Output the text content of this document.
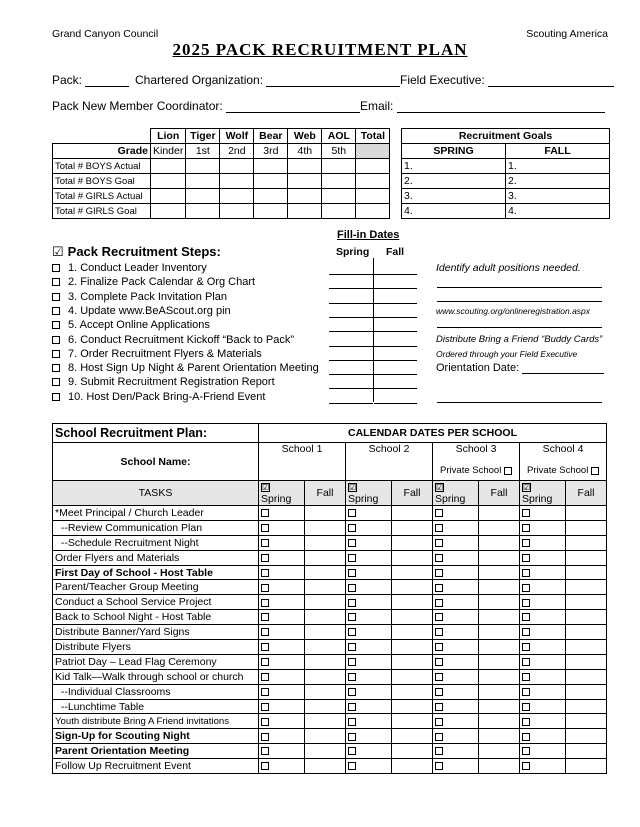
Grand Canyon Council	Scouting America
2025 PACK RECRUITMENT PLAN
Pack:	Chartered Organization:	Field Executive:
Pack New Member Coordinator:	Email:
	Lion	Tiger	Wolf	Bear	Web	AOL	Total
Grade	Kinder	1st	2nd	3rd	4th	5th	
Total # BOYS Actual							
Total # BOYS Goal							
Total # GIRLS Actual							
Total # GIRLS Goal							
Recruitment Goals	
SPRING	FALL
1.	1.
2.	2.
3.	3.
4.	4.
☑ Pack Recruitment Steps:
Fill-in Dates
Spring Fall
1. Conduct Leader Inventory
2. Finalize Pack Calendar & Org Chart
3. Complete Pack Invitation Plan
4. Update www.BeAScout.org pin
5. Accept Online Applications
6. Conduct Recruitment Kickoff “Back to Pack”
7. Order Recruitment Flyers & Materials
8. Host Sign Up Night & Parent Orientation Meeting
9. Submit Recruitment Registration Report
10. Host Den/Pack Bring-A-Friend Event
Identify adult positions needed.
www.scouting.org/onlineregistration.aspx
Distribute Bring a Friend “Buddy Cards”
Ordered through your Field Executive
Orientation Date:
School Recruitment Plan:	CALENDAR DATES PER SCHOOL							
School Name:	School 1		School 2		School 3		School 4	
					Private School		Private School	
TASKS	☑Spring	Fall	☑Spring	Fall	☑Spring	Fall	☑Spring	Fall
*Meet Principal / Church Leader								
--Review Communication Plan								
--Schedule Recruitment Night								
Order Flyers and Materials								
First Day of School - Host Table								
Parent/Teacher Group Meeting								
Conduct a School Service Project								
Back to School Night - Host Table								
Distribute Banner/Yard Signs								
Distribute Flyers								
Patriot Day – Lead Flag Ceremony								
Kid Talk—Walk through school or church								
--Individual Classrooms								
--Lunchtime Table								
Youth distribute Bring A Friend invitations								
Sign-Up for Scouting Night								
Parent Orientation Meeting								
Follow Up Recruitment Event								
